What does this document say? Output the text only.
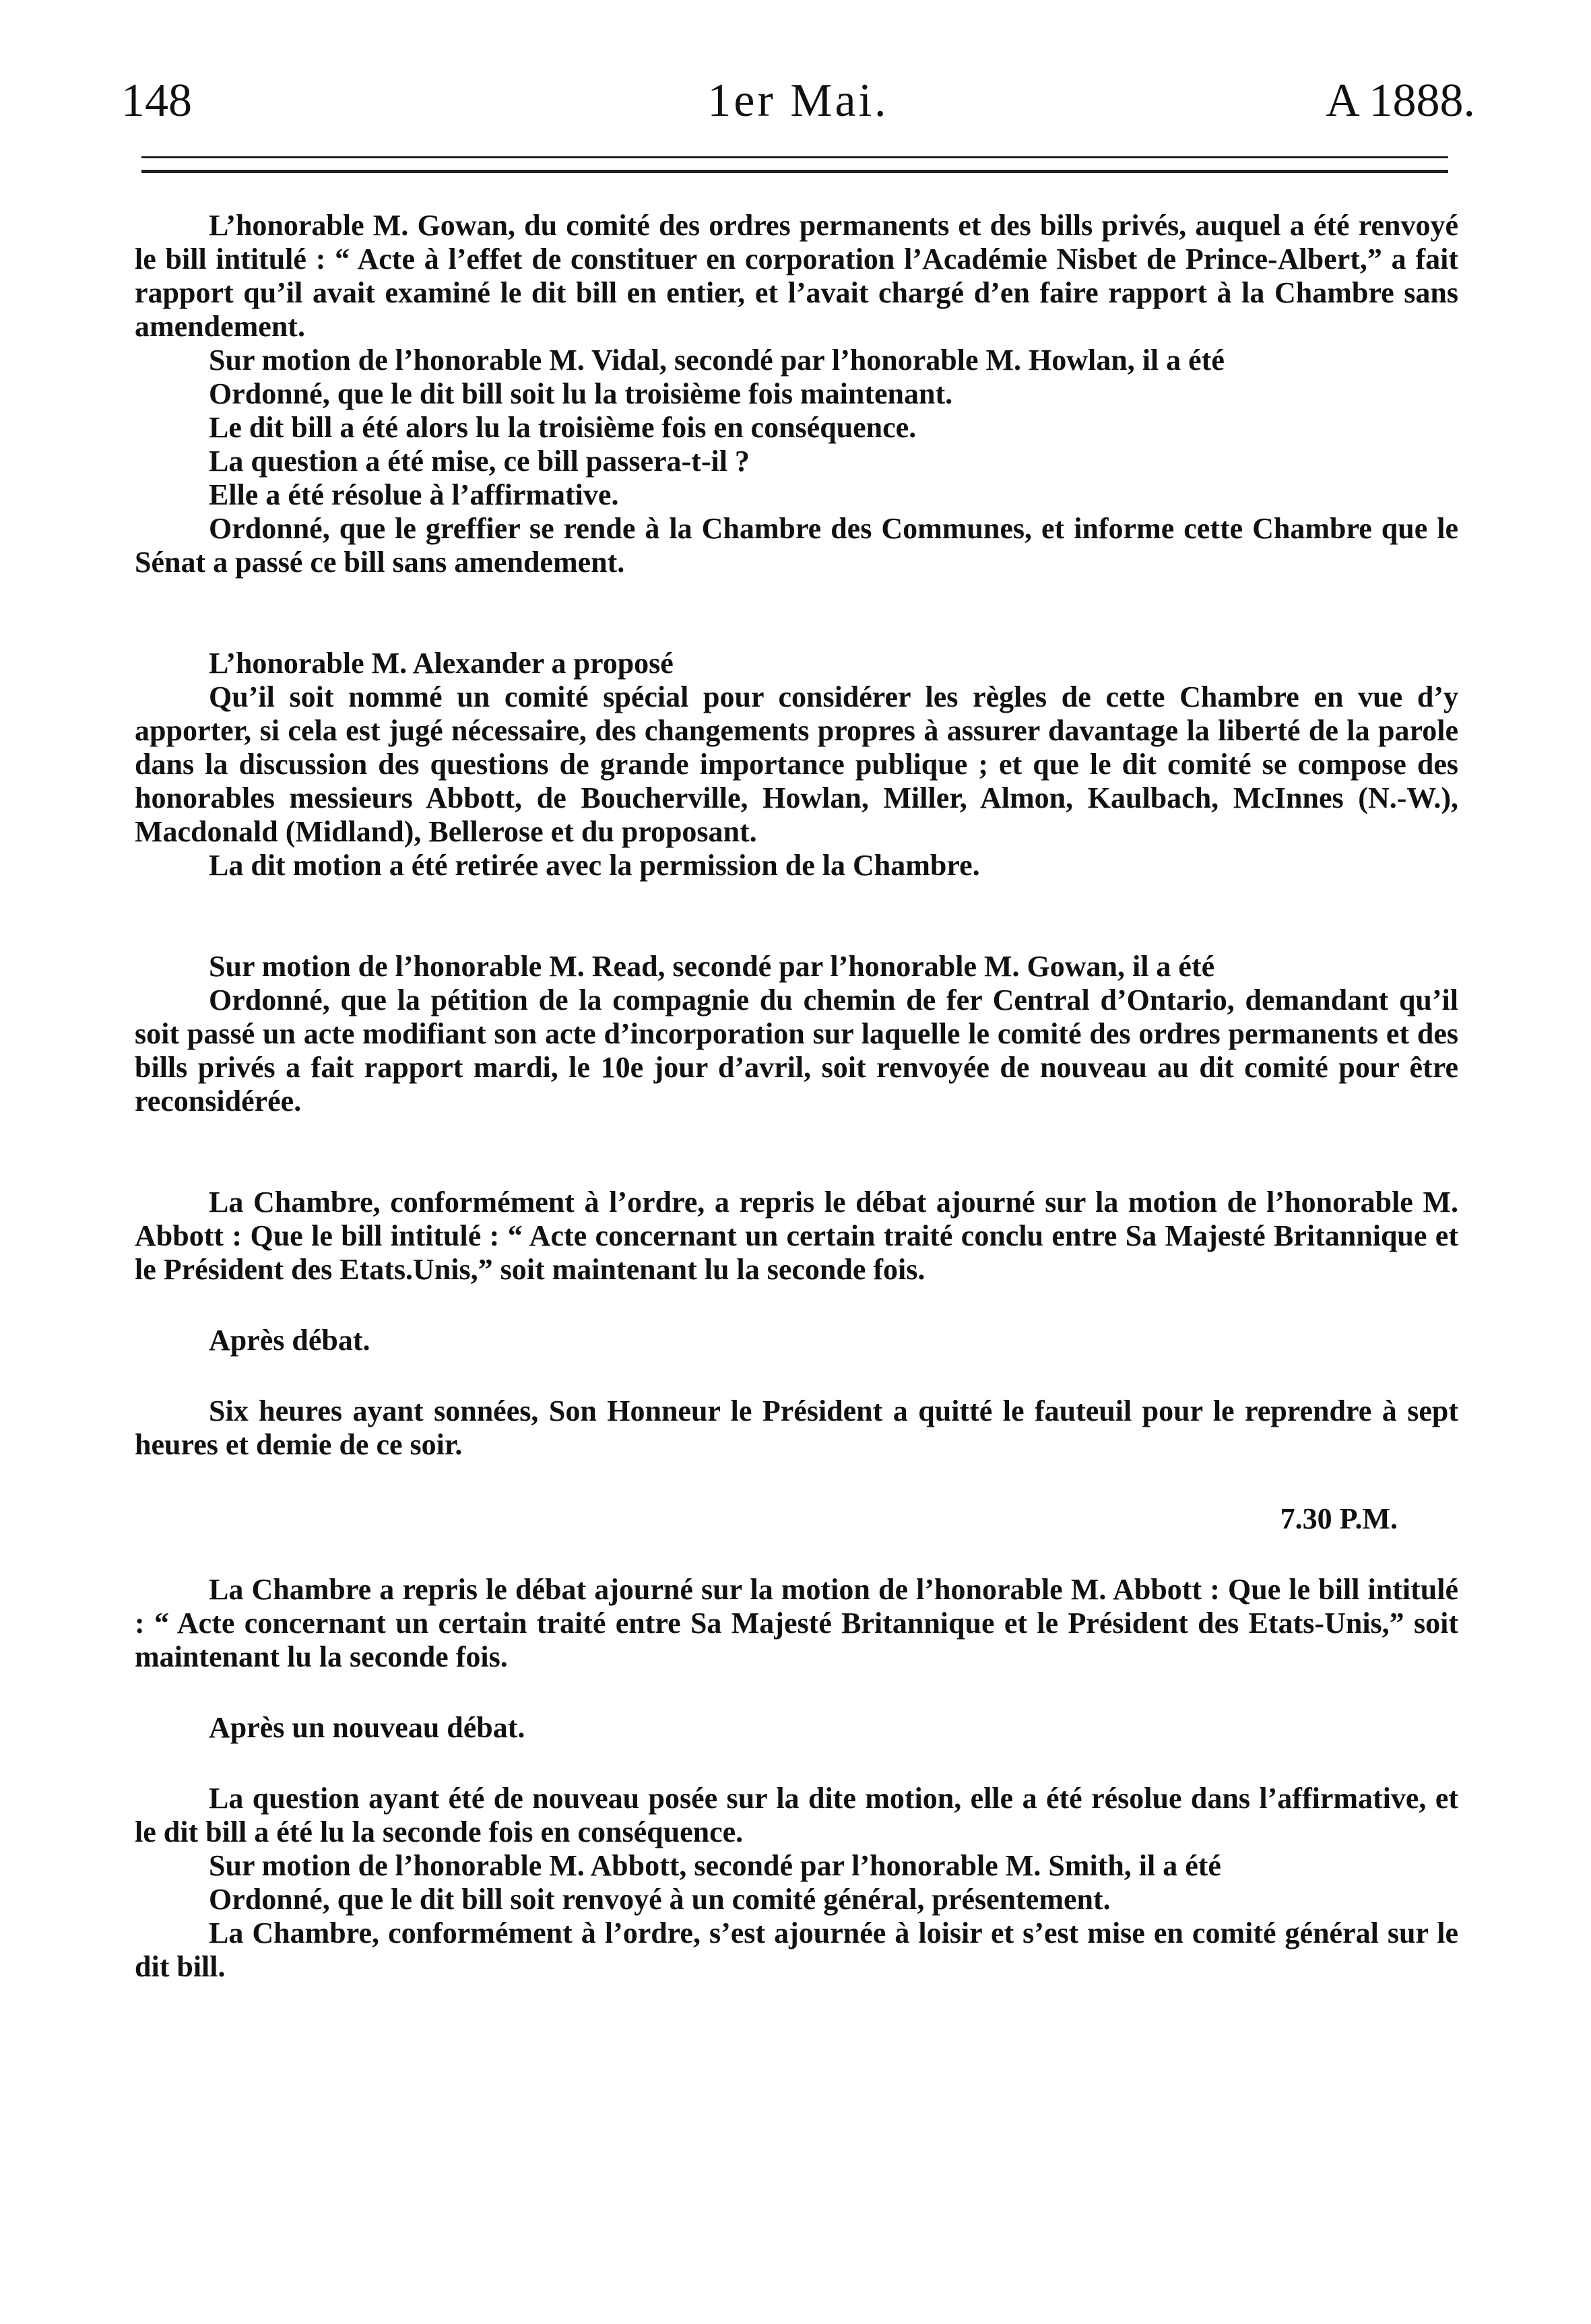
148	1er Mai.	A 1888.

L’honorable M. Gowan, du comité des ordres permanents et des bills privés, auquel a été renvoyé le bill intitulé : “ Acte à l’effet de constituer en corporation l’Académie Nisbet de Prince-Albert,” a fait rapport qu’il avait examiné le dit bill en entier, et l’avait chargé d’en faire rapport à la Chambre sans amendement.

Sur motion de l’honorable M. Vidal, secondé par l’honorable M. Howlan, il a été

Ordonné, que le dit bill soit lu la troisième fois maintenant.

Le dit bill a été alors lu la troisième fois en conséquence.

La question a été mise, ce bill passera-t-il ?

Elle a été résolue à l’affirmative.

Ordonné, que le greffier se rende à la Chambre des Communes, et informe cette Chambre que le Sénat a passé ce bill sans amendement.

L’honorable M. Alexander a proposé

Qu’il soit nommé un comité spécial pour considérer les règles de cette Chambre en vue d’y apporter, si cela est jugé nécessaire, des changements propres à assurer davantage la liberté de la parole dans la discussion des questions de grande importance publique ; et que le dit comité se compose des honorables messieurs Abbott, de Boucherville, Howlan, Miller, Almon, Kaulbach, McInnes (N.-W.), Macdonald (Midland), Bellerose et du proposant.

La dit motion a été retirée avec la permission de la Chambre.

Sur motion de l’honorable M. Read, secondé par l’honorable M. Gowan, il a été

Ordonné, que la pétition de la compagnie du chemin de fer Central d’Ontario, demandant qu’il soit passé un acte modifiant son acte d’incorporation sur laquelle le comité des ordres permanents et des bills privés a fait rapport mardi, le 10e jour d’avril, soit renvoyée de nouveau au dit comité pour être reconsidérée.

La Chambre, conformément à l’ordre, a repris le débat ajourné sur la motion de l’honorable M. Abbott : Que le bill intitulé : “ Acte concernant un certain traité conclu entre Sa Majesté Britannique et le Président des Etats.Unis,” soit maintenant lu la seconde fois.

Après débat.

Six heures ayant sonnées, Son Honneur le Président a quitté le fauteuil pour le reprendre à sept heures et demie de ce soir.

7.30 P.M.

La Chambre a repris le débat ajourné sur la motion de l’honorable M. Abbott : Que le bill intitulé : “ Acte concernant un certain traité entre Sa Majesté Britannique et le Président des Etats-Unis,” soit maintenant lu la seconde fois.

Après un nouveau débat.

La question ayant été de nouveau posée sur la dite motion, elle a été résolue dans l’affirmative, et le dit bill a été lu la seconde fois en conséquence.

Sur motion de l’honorable M. Abbott, secondé par l’honorable M. Smith, il a été

Ordonné, que le dit bill soit renvoyé à un comité général, présentement.

La Chambre, conformément à l’ordre, s’est ajournée à loisir et s’est mise en comité général sur le dit bill.
